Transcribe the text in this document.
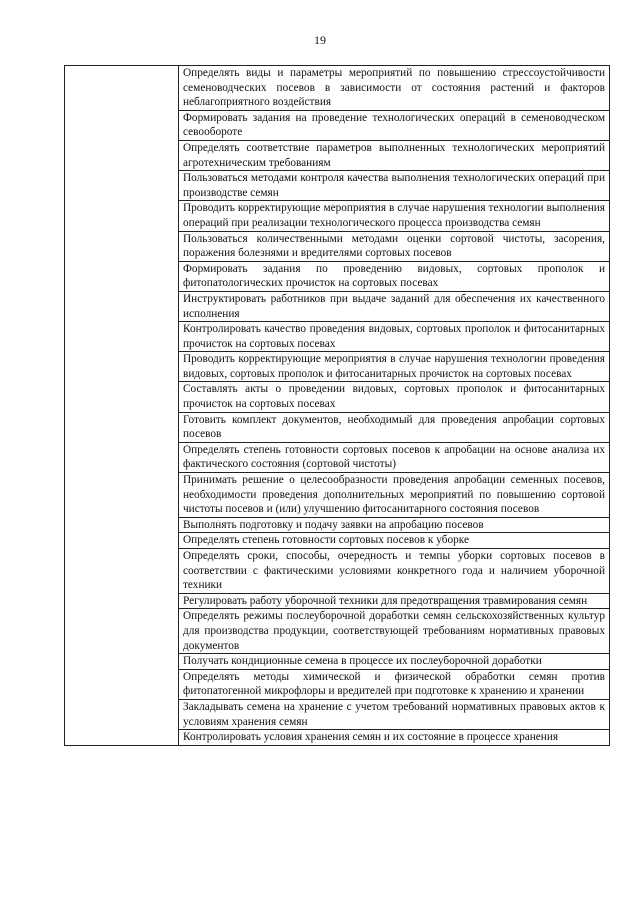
19
	Определять виды и параметры мероприятий по повышению стрессоустойчивости семеноводческих посевов в зависимости от состояния растений и факторов неблагоприятного воздействия
Формировать задания на проведение технологических операций в семеноводческом севообороте
Определять соответствие параметров выполненных технологических мероприятий агротехническим требованиям
Пользоваться методами контроля качества выполнения технологических операций при производстве семян
Проводить корректирующие мероприятия в случае нарушения технологии выполнения операций при реализации технологического процесса производства семян
Пользоваться количественными методами оценки сортовой чистоты, засорения, поражения болезнями и вредителями сортовых посевов
Формировать задания по проведению видовых, сортовых прополок и фитопатологических прочисток на сортовых посевах
Инструктировать работников при выдаче заданий для обеспечения их качественного исполнения
Контролировать качество проведения видовых, сортовых прополок и фитосанитарных прочисток на сортовых посевах
Проводить корректирующие мероприятия в случае нарушения технологии проведения видовых, сортовых прополок и фитосанитарных прочисток на сортовых посевах
Составлять акты о проведении видовых, сортовых прополок и фитосанитарных прочисток на сортовых посевах
Готовить комплект документов, необходимый для проведения апробации сортовых посевов
Определять степень готовности сортовых посевов к апробации на основе анализа их фактического состояния (сортовой чистоты)
Принимать решение о целесообразности проведения апробации семенных посевов, необходимости проведения дополнительных мероприятий по повышению сортовой чистоты посевов и (или) улучшению фитосанитарного состояния посевов
Выполнять подготовку и подачу заявки на апробацию посевов
Определять степень готовности сортовых посевов к уборке
Определять сроки, способы, очередность и темпы уборки сортовых посевов в соответствии с фактическими условиями конкретного года и наличием уборочной техники
Регулировать работу уборочной техники для предотвращения травмирования семян
Определять режимы послеуборочной доработки семян сельскохозяйственных культур для производства продукции, соответствующей требованиям нормативных правовых документов
Получать кондиционные семена в процессе их послеуборочной доработки
Определять методы химической и физической обработки семян против фитопатогенной микрофлоры и вредителей при подготовке к хранению и хранении
Закладывать семена на хранение с учетом требований нормативных правовых актов к условиям хранения семян
Контролировать условия хранения семян и их состояние в процессе хранения
